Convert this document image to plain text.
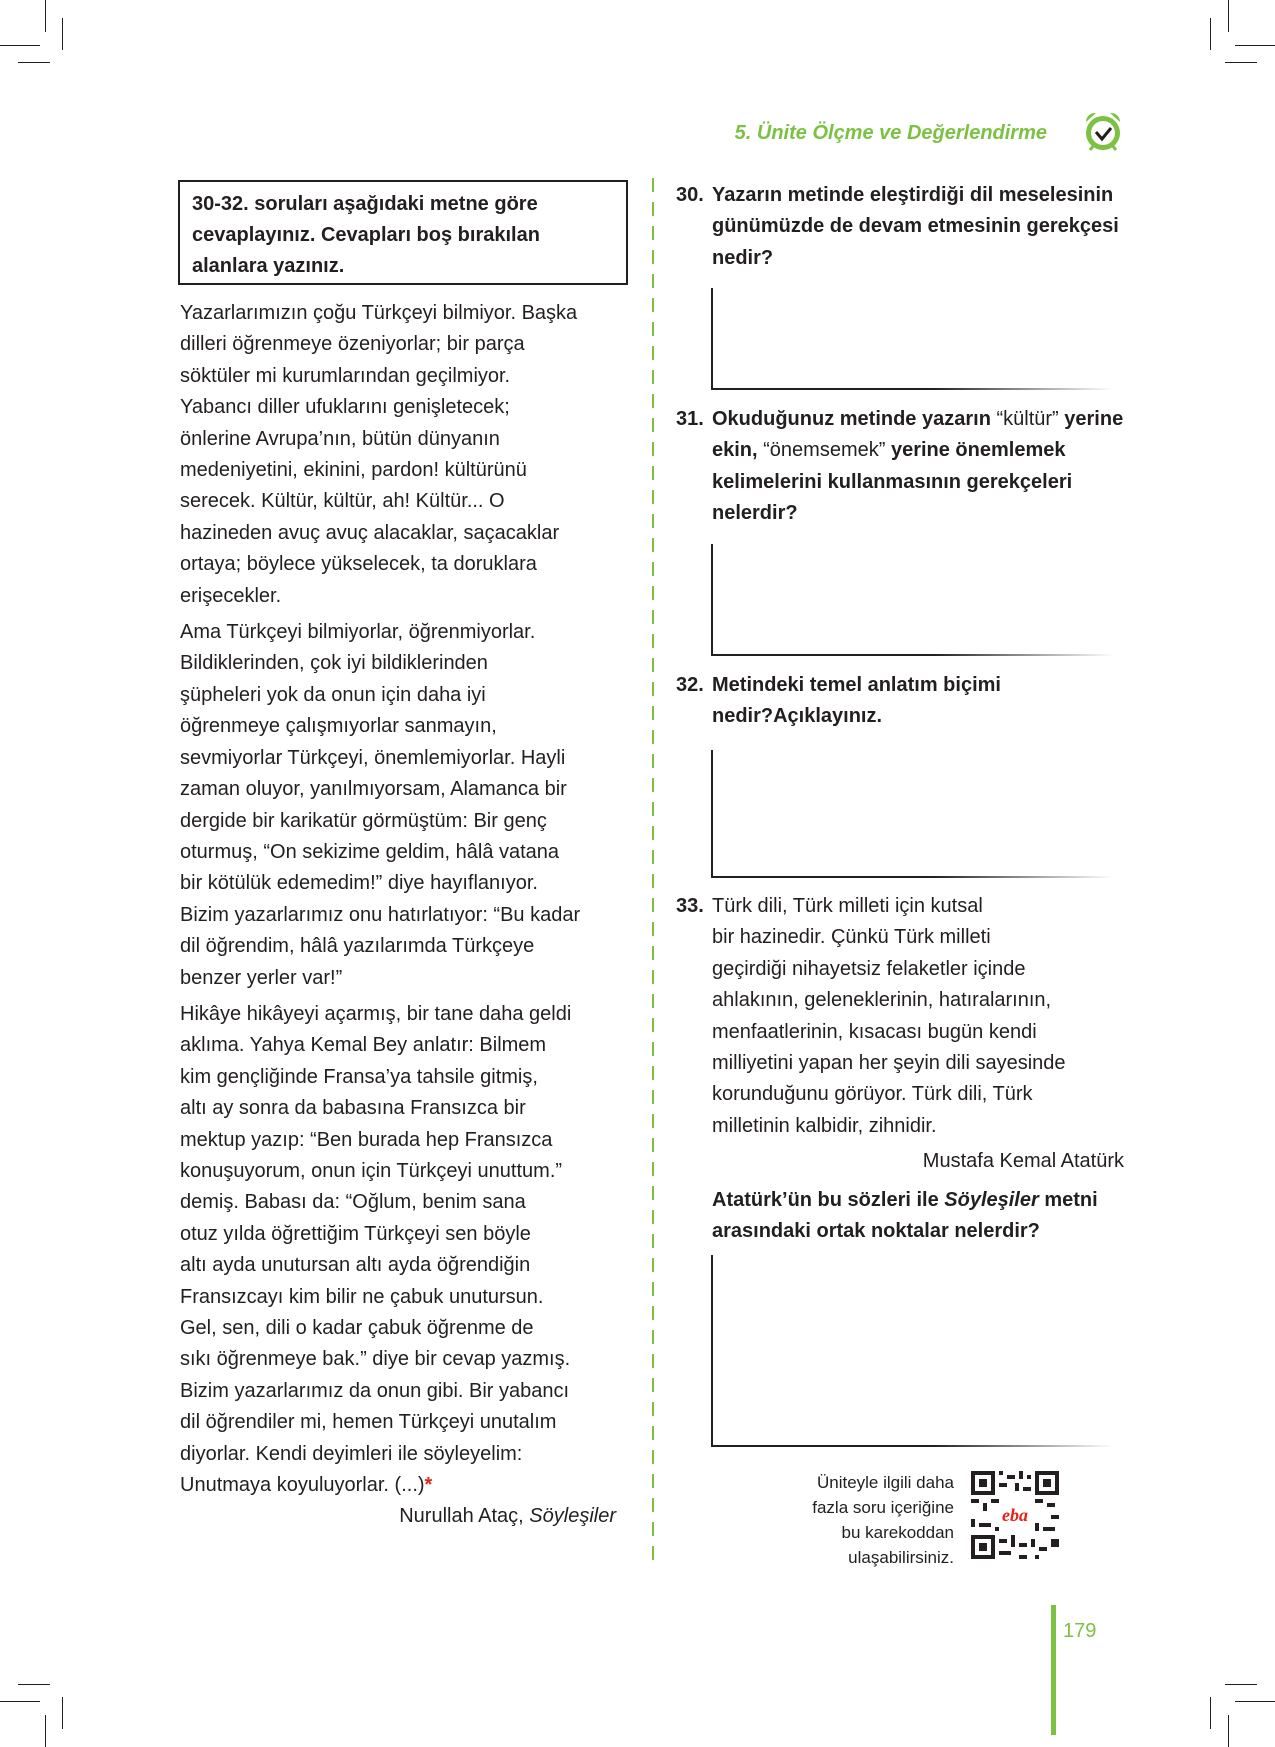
5. Ünite Ölçme ve Değerlendirme
30-32. soruları aşağıdaki metne göre cevaplayınız. Cevapları boş bırakılan alanlara yazınız.

Yazarlarımızın çoğu Türkçeyi bilmiyor. Başka
dilleri öğrenmeye özeniyorlar; bir parça
söktüler mi kurumlarından geçilmiyor.
Yabancı diller ufuklarını genişletecek;
önlerine Avrupa’nın, bütün dünyanın
medeniyetini, ekinini, pardon! kültürünü
serecek. Kültür, kültür, ah! Kültür... O
hazineden avuç avuç alacaklar, saçacaklar
ortaya; böylece yükselecek, ta doruklara
erişecekler.

Ama Türkçeyi bilmiyorlar, öğrenmiyorlar.
Bildiklerinden, çok iyi bildiklerinden
şüpheleri yok da onun için daha iyi
öğrenmeye çalışmıyorlar sanmayın,
sevmiyorlar Türkçeyi, önemlemiyorlar. Hayli
zaman oluyor, yanılmıyorsam, Alamanca bir
dergide bir karikatür görmüştüm: Bir genç
oturmuş, “On sekizime geldim, hâlâ vatana
bir kötülük edemedim!” diye hayıflanıyor.
Bizim yazarlarımız onu hatırlatıyor: “Bu kadar
dil öğrendim, hâlâ yazılarımda Türkçeye
benzer yerler var!”

Hikâye hikâyeyi açarmış, bir tane daha geldi
aklıma. Yahya Kemal Bey anlatır: Bilmem
kim gençliğinde Fransa’ya tahsile gitmiş,
altı ay sonra da babasına Fransızca bir
mektup yazıp: “Ben burada hep Fransızca
konuşuyorum, onun için Türkçeyi unuttum.”
demiş. Babası da: “Oğlum, benim sana
otuz yılda öğrettiğim Türkçeyi sen böyle
altı ayda unutursan altı ayda öğrendiğin
Fransızcayı kim bilir ne çabuk unutursun.
Gel, sen, dili o kadar çabuk öğrenme de
sıkı öğrenmeye bak.” diye bir cevap yazmış.
Bizim yazarlarımız da onun gibi. Bir yabancı
dil öğrendiler mi, hemen Türkçeyi unutalım
diyorlar. Kendi deyimleri ile söyleyelim:
Unutmaya koyuluyorlar. (...)*

Nurullah Ataç, Söyleşiler
30. Yazarın metinde eleştirdiği dil meselesinin günümüzde de devam etmesinin gerekçesi nedir?
31. Okuduğunuz metinde yazarın “kültür” yerine ekin, “önemsemek” yerine önemlemek kelimelerini kullanmasının gerekçeleri nelerdir?
32. Metindeki temel anlatım biçimi nedir?Açıklayınız.
33. Türk dili, Türk milleti için kutsal
bir hazinedir. Çünkü Türk milleti
geçirdiği nihayetsiz felaketler içinde
ahlakının, geleneklerinin, hatıralarının,
menfaatlerinin, kısacası bugün kendi
milliyetini yapan her şeyin dili sayesinde
korunduğunu görüyor. Türk dili, Türk
milletinin kalbidir, zihnidir.
Mustafa Kemal Atatürk
Atatürk’ün bu sözleri ile Söyleşiler metni arasındaki ortak noktalar nelerdir?
Üniteyle ilgili daha
fazla soru içeriğine
bu karekoddan
ulaşabilirsiniz.
eba
179
